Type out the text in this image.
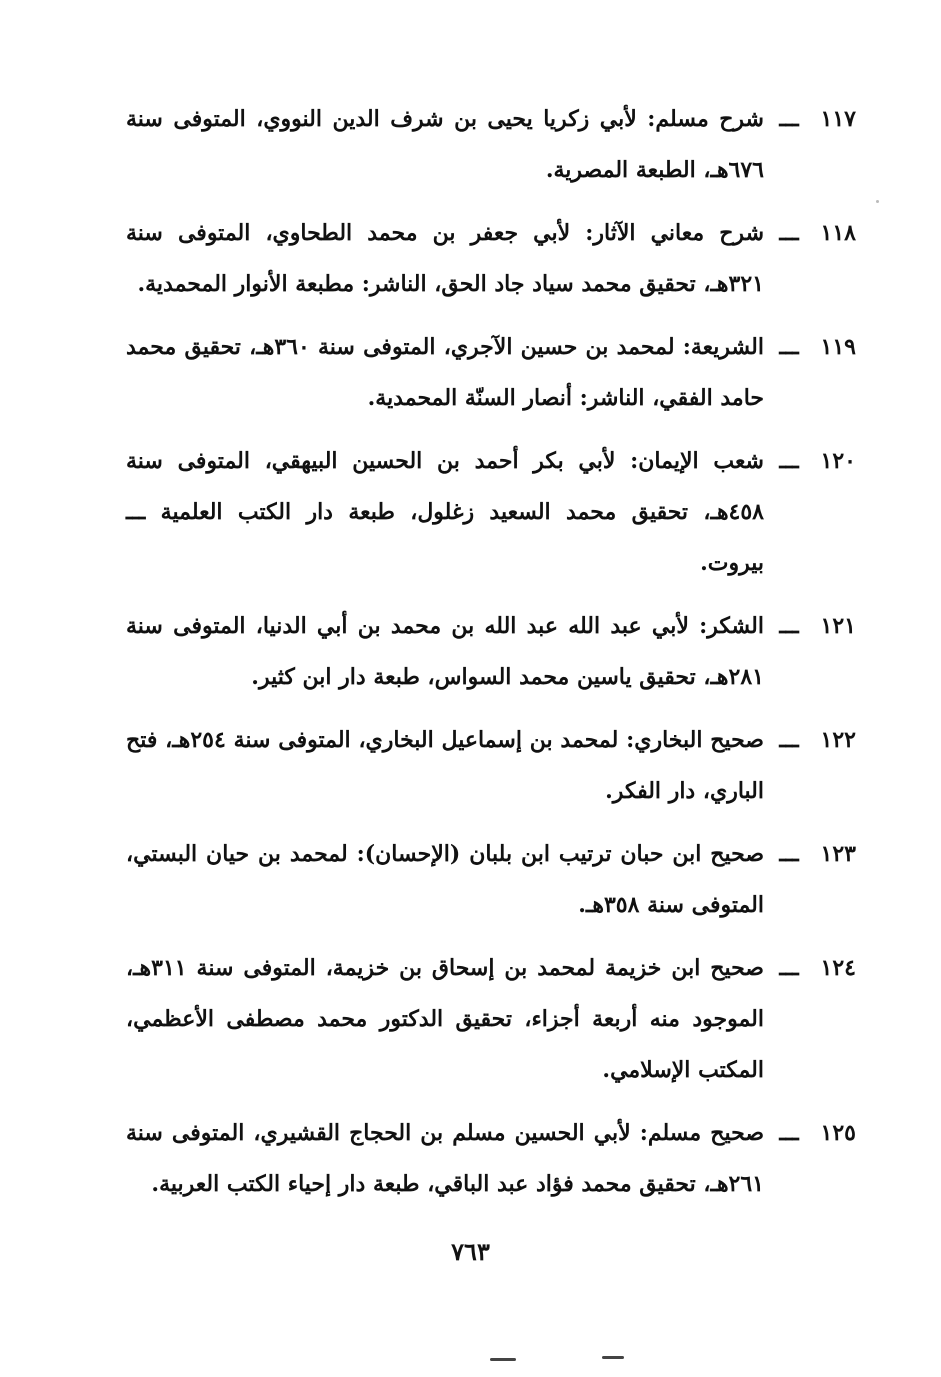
١١٧
ـــ
شرح مسلم: لأبي زكريا يحيى بن شرف الدين النووي، المتوفى سنة ٦٧٦هـ، الطبعة المصرية.
١١٨
ـــ
شرح معاني الآثار: لأبي جعفر بن محمد الطحاوي، المتوفى سنة ٣٢١هـ، تحقيق محمد سياد جاد الحق، الناشر: مطبعة الأنوار المحمدية.
١١٩
ـــ
الشريعة: لمحمد بن حسين الآجري، المتوفى سنة ٣٦٠هـ، تحقيق محمد حامد الفقي، الناشر: أنصار السنّة المحمدية.
١٢٠
ـــ
شعب الإيمان: لأبي بكر أحمد بن الحسين البيهقي، المتوفى سنة ٤٥٨هـ، تحقيق محمد السعيد زغلول، طبعة دار الكتب العلمية ـــ بيروت.
١٢١
ـــ
الشكر: لأبي عبد الله عبد الله بن محمد بن أبي الدنيا، المتوفى سنة ٢٨١هـ، تحقيق ياسين محمد السواس، طبعة دار ابن كثير.
١٢٢
ـــ
صحيح البخاري: لمحمد بن إسماعيل البخاري، المتوفى سنة ٢٥٤هـ، فتح الباري، دار الفكر.
١٢٣
ـــ
صحيح ابن حبان ترتيب ابن بلبان (الإحسان): لمحمد بن حيان البستي، المتوفى سنة ٣٥٨هـ.
١٢٤
ـــ
صحيح ابن خزيمة لمحمد بن إسحاق بن خزيمة، المتوفى سنة ٣١١هـ، الموجود منه أربعة أجزاء، تحقيق الدكتور محمد مصطفى الأعظمي، المكتب الإسلامي.
١٢٥
ـــ
صحيح مسلم: لأبي الحسين مسلم بن الحجاج القشيري، المتوفى سنة ٢٦١هـ، تحقيق محمد فؤاد عبد الباقي، طبعة دار إحياء الكتب العربية.
٧٦٣
